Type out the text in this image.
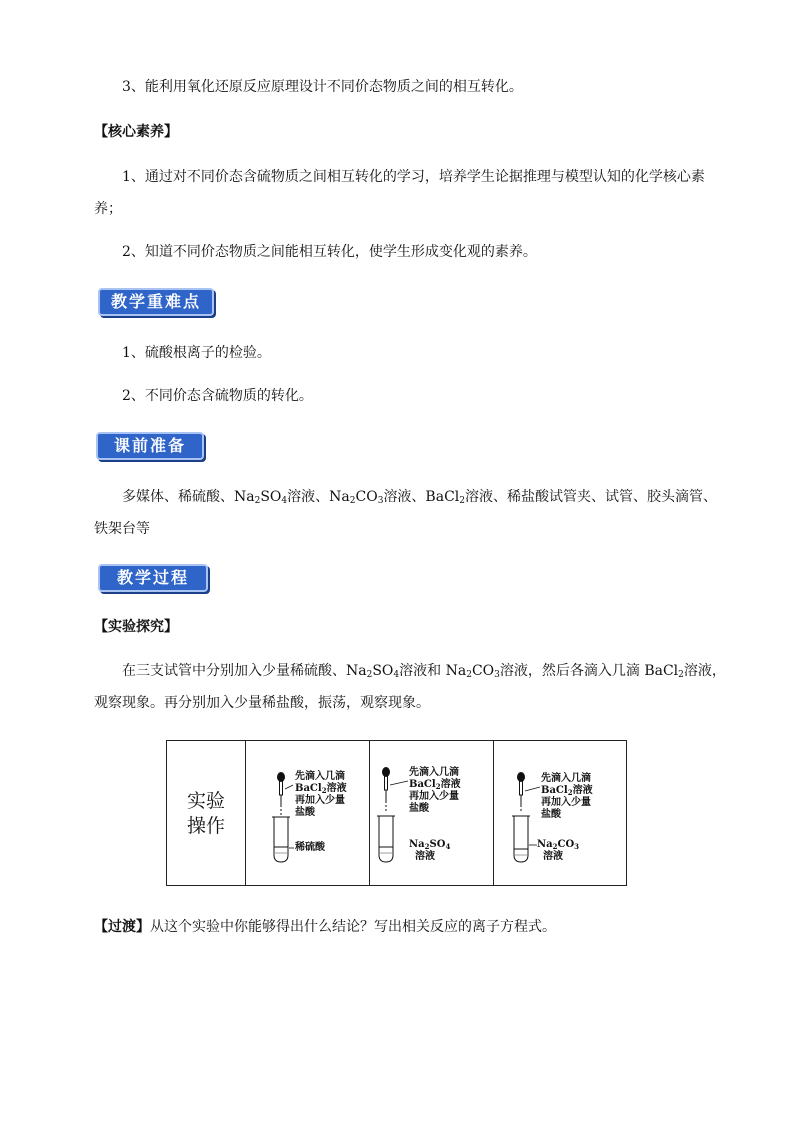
3、能利用氧化还原反应原理设计不同价态物质之间的相互转化。
【核心素养】
1、通过对不同价态含硫物质之间相互转化的学习，培养学生论据推理与模型认知的化学核心素
养；
2、知道不同价态物质之间能相互转化，使学生形成变化观的素养。
教学重难点
1、硫酸根离子的检验。
2、不同价态含硫物质的转化。
课前准备
多媒体、稀硫酸、$Na_2SO_4$溶液、$Na_2CO_3$溶液、BaCl$_2$溶液、稀盐酸试管夹、试管、胶头滴管、
铁架台等
教学过程
【实验探究】
在三支试管中分别加入少量稀硫酸、$Na_2SO_4$溶液和 $Na_2CO_3$溶液，然后各滴入几滴 BaCl$_2$溶液，
观察现象。再分别加入少量稀盐酸，振荡，观察现象。
实验
操作
先滴入几滴
BaCl$_2$溶液
再加入少量
盐酸
稀硫酸
先滴入几滴
BaCl$_2$溶液
再加入少量
盐酸
$Na_2SO_4$
溶液
先滴入几滴
BaCl$_2$溶液
再加入少量
盐酸
$Na_2CO_3$
溶液
【过渡】从这个实验中你能够得出什么结论？写出相关反应的离子方程式。
